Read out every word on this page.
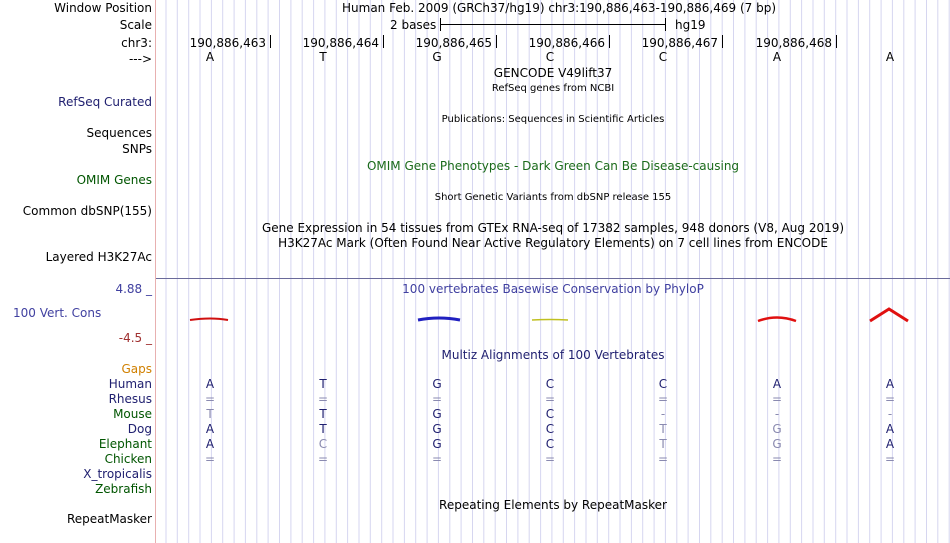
Window Position	Human Feb. 2009 (GRCh37/hg19) chr3:190,886,463-190,886,469 (7 bp)
Scale	2 bases	hg19
chr3:	190,886,463	190,886,464	190,886,465	190,886,466	190,886,467	190,886,468
--->	A	T	G	C	C	A	A
GENCODE V49lift37
RefSeq genes from NCBI
RefSeq Curated
Publications: Sequences in Scientific Articles
Sequences
SNPs
OMIM Gene Phenotypes - Dark Green Can Be Disease-causing
OMIM Genes
Short Genetic Variants from dbSNP release 155
Common dbSNP(155)
Gene Expression in 54 tissues from GTEx RNA-seq of 17382 samples, 948 donors (V8, Aug 2019)
H3K27Ac Mark (Often Found Near Active Regulatory Elements) on 7 cell lines from ENCODE
Layered H3K27Ac
4.88 _	100 vertebrates Basewise Conservation by PhyloP
100 Vert. Cons
-4.5 _
Multiz Alignments of 100 Vertebrates
Gaps
Human	A	T	G	C	C	A	A
Rhesus	=	=	=	=	=	=	=
Mouse	T	T	G	C	-	-	-
Dog	A	T	G	C	T	G	A
Elephant	A	C	G	C	T	G	A
Chicken	=	=	=	=	=	=	=
X_tropicalis
Zebrafish
Repeating Elements by RepeatMasker
RepeatMasker
